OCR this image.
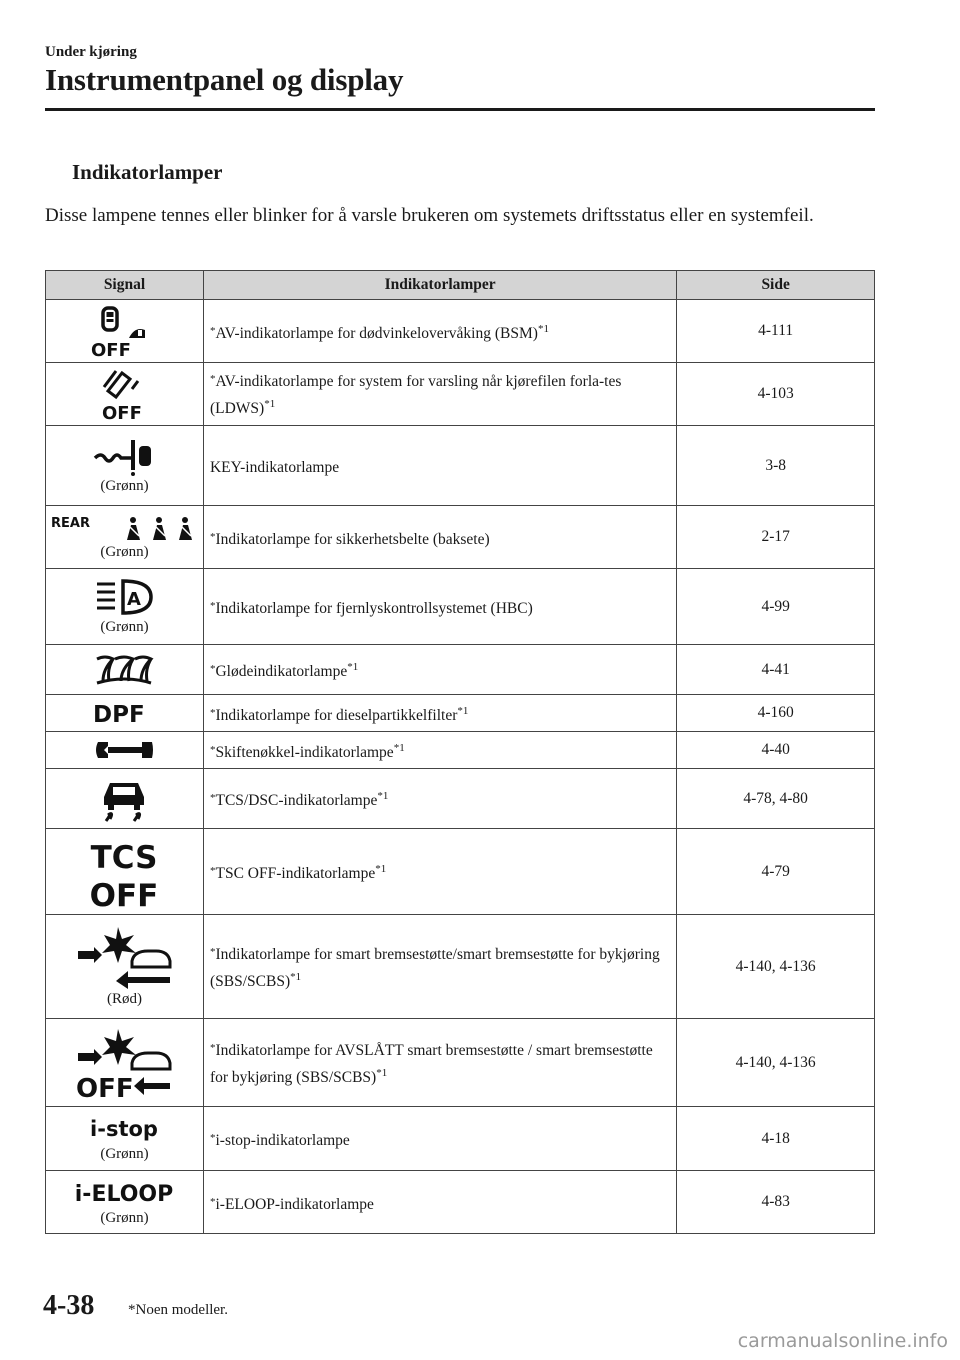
Under kjøring
Instrumentpanel og display
Indikatorlamper
Disse lampene tennes eller blinker for å varsle brukeren om systemets driftsstatus eller en systemfeil.
Signal	Indikatorlamper	Side

OFF	*AV-indikatorlampe for dødvinkelovervåking (BSM)$^{*1}$	4-111

OFF	*AV-indikatorlampe for system for varsling når kjørefilen forla-tes (LDWS)$^{*1}$	4-103

(Grønn)	KEY-indikatorlampe	3-8

REAR
(Grønn)	*Indikatorlampe for sikkerhetsbelte (baksete)	2-17

A
(Grønn)	*Indikatorlampe for fjernlyskontrollsystemet (HBC)	4-99

	*Glødeindikatorlampe$^{*1}$	4-41

DPF	*Indikatorlampe for dieselpartikkelfilter$^{*1}$	4-160

	*Skiftenøkkel-indikatorlampe$^{*1}$	4-40

	*TCS/DSC-indikatorlampe$^{*1}$	4-78, 4-80

TCS
OFF	*TSC OFF-indikatorlampe$^{*1}$	4-79

(Rød)	*Indikatorlampe for smart bremsestøtte/smart bremsestøtte for bykjøring (SBS/SCBS)$^{*1}$	4-140, 4-136

OFF	*Indikatorlampe for AVSLÅTT smart bremsestøtte / smart bremsestøtte for bykjøring (SBS/SCBS)$^{*1}$	4-140, 4-136

i-stop
(Grønn)	*i-stop-indikatorlampe	4-18

i-ELOOP
(Grønn)	*i-ELOOP-indikatorlampe	4-83
4-38 *Noen modeller.
carmanualsonline.info
